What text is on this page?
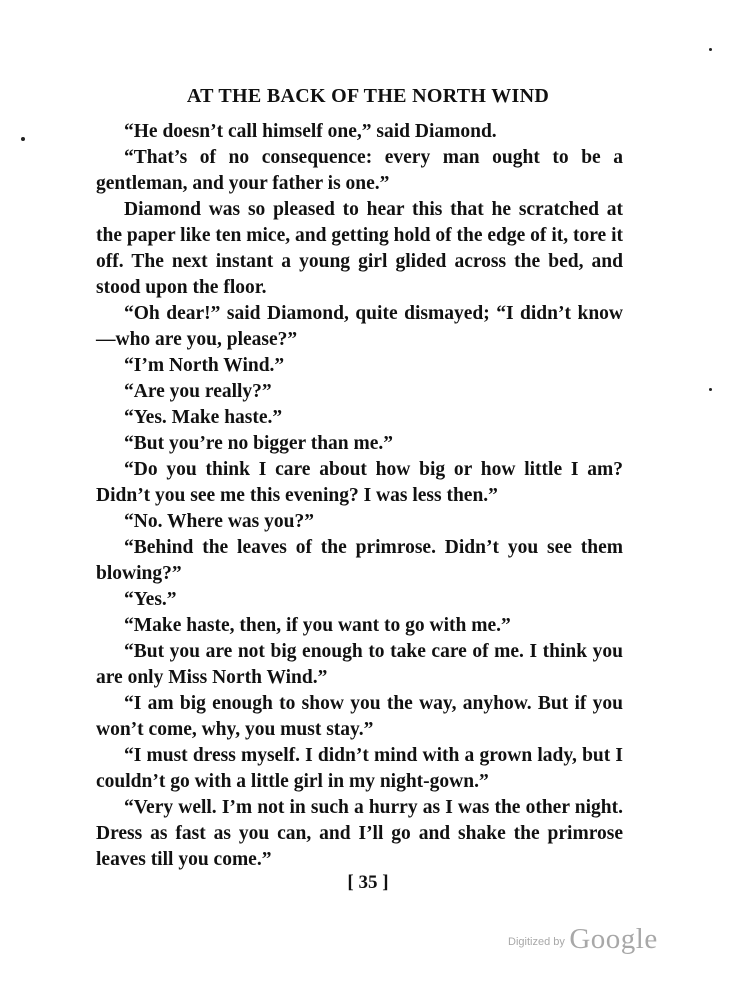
AT THE BACK OF THE NORTH WIND

“He doesn’t call himself one,” said Diamond.

“That’s of no consequence: every man ought to be a gentleman, and your father is one.”

Diamond was so pleased to hear this that he scratched at the paper like ten mice, and getting hold of the edge of it, tore it off. The next instant a young girl glided across the bed, and stood upon the floor.

“Oh dear!” said Diamond, quite dismayed; “I didn’t know—who are you, please?”

“I’m North Wind.”

“Are you really?”

“Yes. Make haste.”

“But you’re no bigger than me.”

“Do you think I care about how big or how little I am? Didn’t you see me this evening? I was less then.”

“No. Where was you?”

“Behind the leaves of the primrose. Didn’t you see them blowing?”

“Yes.”

“Make haste, then, if you want to go with me.”

“But you are not big enough to take care of me. I think you are only Miss North Wind.”

“I am big enough to show you the way, anyhow. But if you won’t come, why, you must stay.”

“I must dress myself. I didn’t mind with a grown lady, but I couldn’t go with a little girl in my night-gown.”

“Very well. I’m not in such a hurry as I was the other night. Dress as fast as you can, and I’ll go and shake the primrose leaves till you come.”

[ 35 ]
Digitized by Google
